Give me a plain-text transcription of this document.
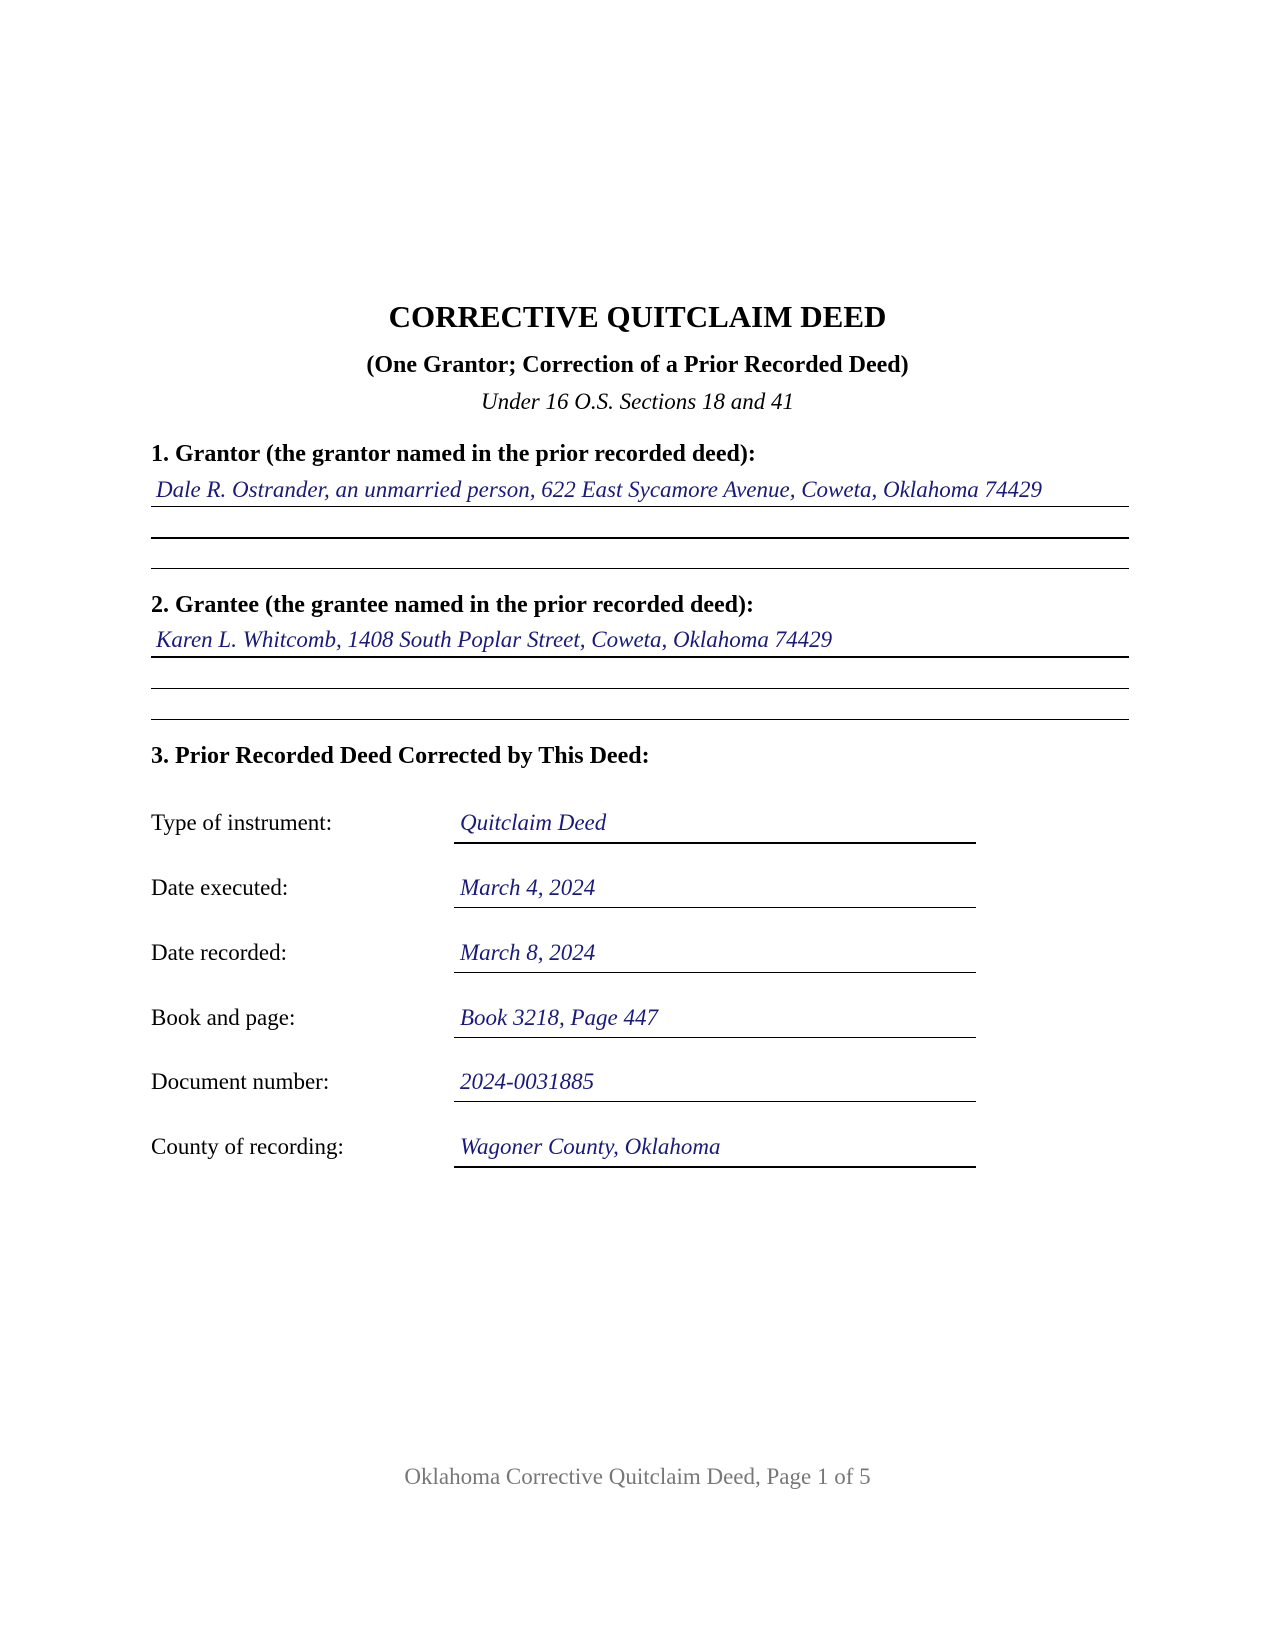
CORRECTIVE QUITCLAIM DEED
(One Grantor; Correction of a Prior Recorded Deed)
Under 16 O.S. Sections 18 and 41
1. Grantor (the grantor named in the prior recorded deed):
Dale R. Ostrander, an unmarried person, 622 East Sycamore Avenue, Coweta, Oklahoma 74429
2. Grantee (the grantee named in the prior recorded deed):
Karen L. Whitcomb, 1408 South Poplar Street, Coweta, Oklahoma 74429
3. Prior Recorded Deed Corrected by This Deed:
Type of instrument:	Quitclaim Deed
Date executed:	March 4, 2024
Date recorded:	March 8, 2024
Book and page:	Book 3218, Page 447
Document number:	2024-0031885
County of recording:	Wagoner County, Oklahoma
Oklahoma Corrective Quitclaim Deed, Page 1 of 5
